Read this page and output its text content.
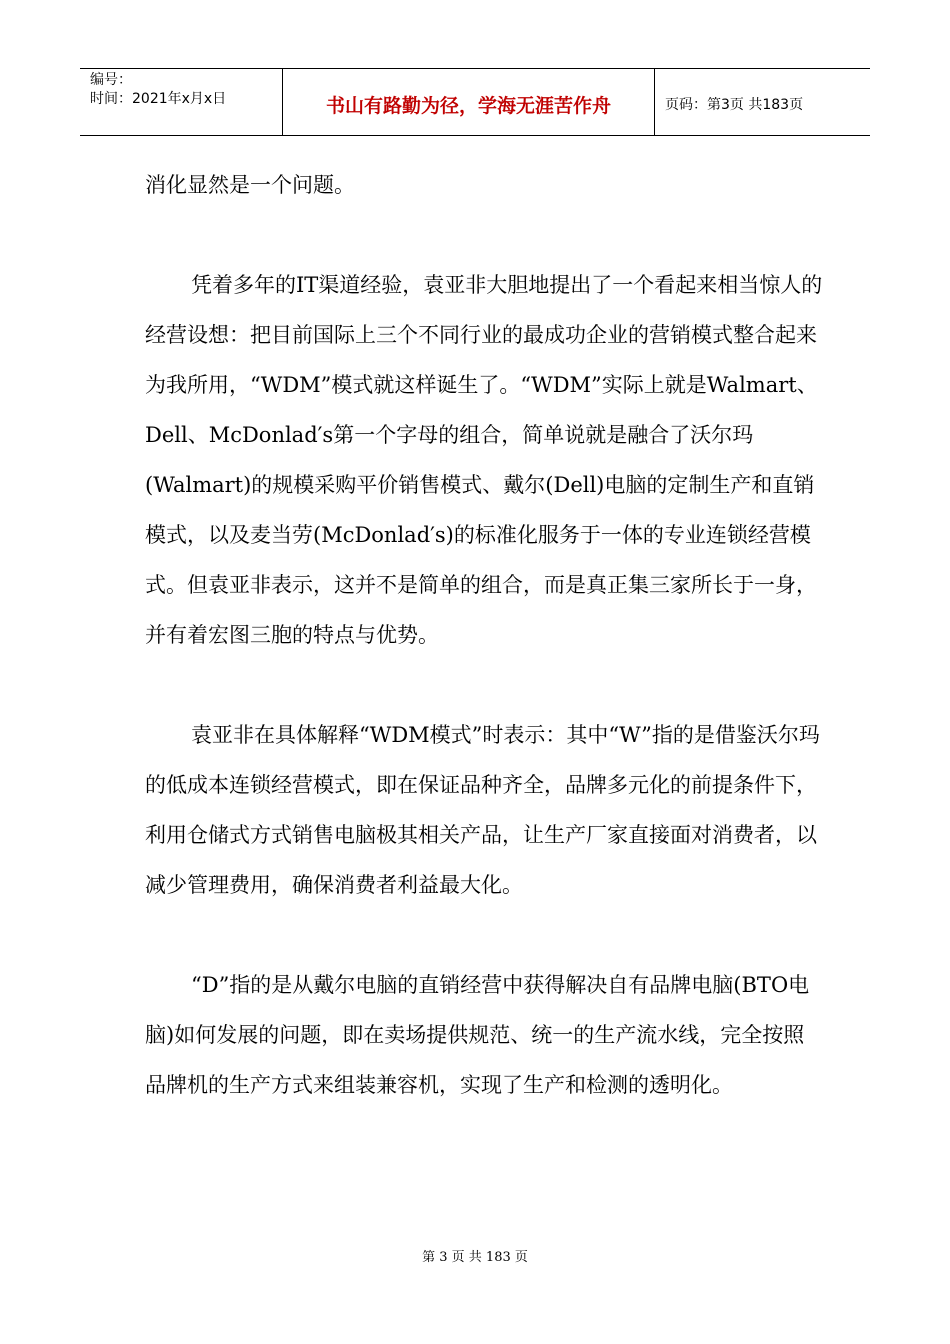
编号：
时间：2021年x月x日	书山有路勤为径，学海无涯苦作舟	页码：第3页 共183页

消化显然是一个问题。

凭着多年的IT渠道经验，袁亚非大胆地提出了一个看起来相当惊人的经营设想：把目前国际上三个不同行业的最成功企业的营销模式整合起来为我所用，“WDM”模式就这样诞生了。“WDM”实际上就是Walmart、Dell、McDonlad′s第一个字母的组合，简单说就是融合了沃尔玛(Walmart)的规模采购平价销售模式、戴尔(Dell)电脑的定制生产和直销模式，以及麦当劳(McDonlad′s)的标准化服务于一体的专业连锁经营模式。但袁亚非表示，这并不是简单的组合，而是真正集三家所长于一身，并有着宏图三胞的特点与优势。

袁亚非在具体解释“WDM模式”时表示：其中“W”指的是借鉴沃尔玛的低成本连锁经营模式，即在保证品种齐全，品牌多元化的前提条件下，利用仓储式方式销售电脑极其相关产品，让生产厂家直接面对消费者，以减少管理费用，确保消费者利益最大化。

“D”指的是从戴尔电脑的直销经营中获得解决自有品牌电脑(BTO电脑)如何发展的问题，即在卖场提供规范、统一的生产流水线，完全按照品牌机的生产方式来组装兼容机，实现了生产和检测的透明化。

第 3 页 共 183 页
